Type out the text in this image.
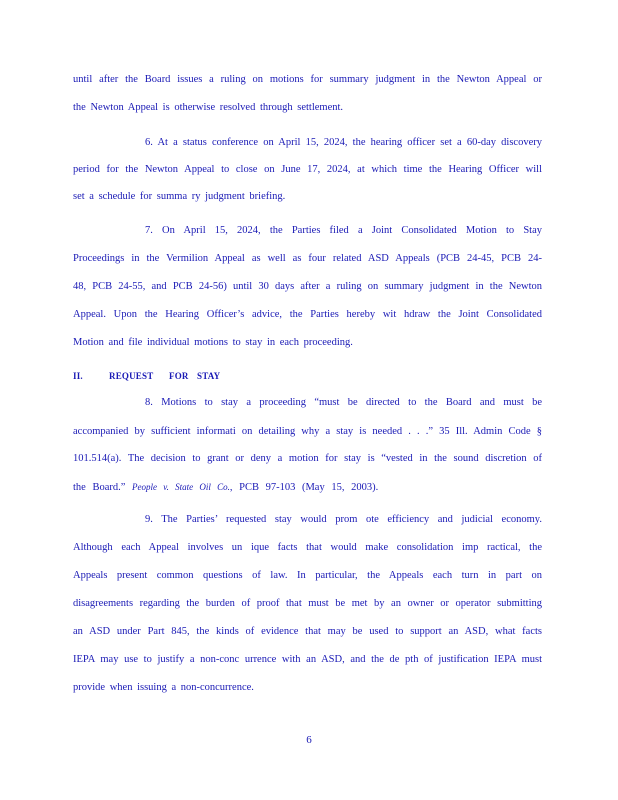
until after the Board issues a ruling on motions for summary judgment in the Newton Appeal or
the Newton Appeal is otherwise resolved through settlement.
6. At a status conference on April 15, 2024, the hearing officer set a 60-day discovery
period for the Newton Appeal to close on June 17, 2024, at which time the Hearing Officer will
set a schedule for summa ry judgment briefing.
7. On April 15, 2024, the Parties filed a Joint Consolidated Motion to Stay
Proceedings in the Vermilion Appeal as well as four related ASD Appeals (PCB 24-45, PCB 24-
48, PCB 24-55, and PCB 24-56) until 30 days after a ruling on summary judgment in the Newton
Appeal. Upon the Hearing Officer’s advice, the Parties hereby wit hdraw the Joint Consolidated
Motion and file individual motions to stay in each proceeding.
II.	REQUEST FOR STAY
8. Motions to stay a proceeding “must be directed to the Board and must be
accompanied by sufficient informati on detailing why a stay is needed . . .” 35 Ill. Admin Code §
101.514(a). The decision to grant or deny a motion for stay is “vested in the sound discretion of
the Board.” People v. State Oil Co., PCB 97-103 (May 15, 2003).
9. The Parties’ requested stay would prom ote efficiency and judicial economy.
Although each Appeal involves un ique facts that would make consolidation imp ractical, the
Appeals present common questions of law. In particular, the Appeals each turn in part on
disagreements regarding the burden of proof that must be met by an owner or operator submitting
an ASD under Part 845, the kinds of evidence that may be used to support an ASD, what facts
IEPA may use to justify a non-conc urrence with an ASD, and the de pth of justification IEPA must
provide when issuing a non-concurrence.
6
